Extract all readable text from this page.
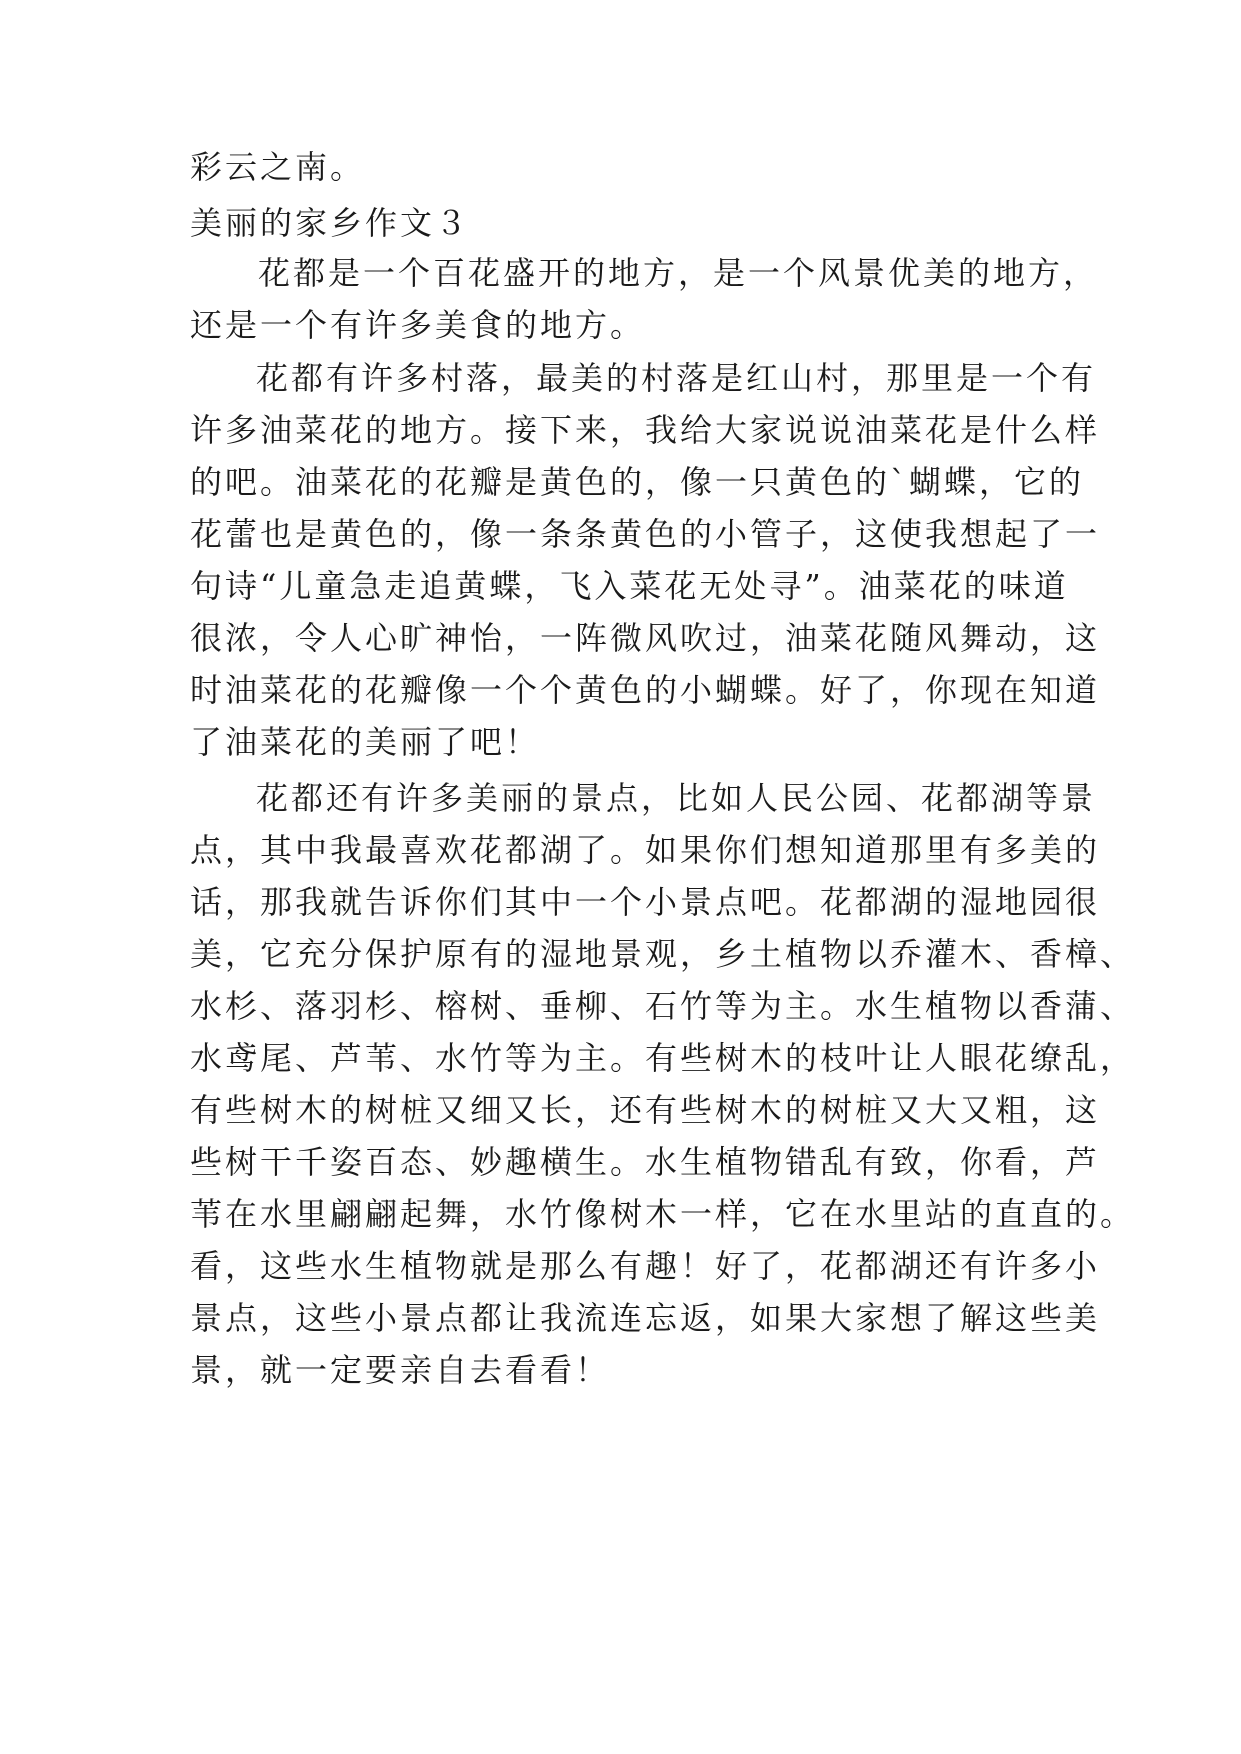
彩云之南。
美丽的家乡作文３
花都是一个百花盛开的地方，是一个风景优美的地方，
还是一个有许多美食的地方。
花都有许多村落，最美的村落是红山村，那里是一个有
许多油菜花的地方。接下来，我给大家说说油菜花是什么样
的吧。油菜花的花瓣是黄色的，像一只黄色的`蝴蝶，它的
花蕾也是黄色的，像一条条黄色的小管子，这使我想起了一
句诗“儿童急走追黄蝶，飞入菜花无处寻”。油菜花的味道
很浓，令人心旷神怡，一阵微风吹过，油菜花随风舞动，这
时油菜花的花瓣像一个个黄色的小蝴蝶。好了，你现在知道
了油菜花的美丽了吧！
花都还有许多美丽的景点，比如人民公园、花都湖等景
点，其中我最喜欢花都湖了。如果你们想知道那里有多美的
话，那我就告诉你们其中一个小景点吧。花都湖的湿地园很
美，它充分保护原有的湿地景观，乡土植物以乔灌木、香樟、
水杉、落羽杉、榕树、垂柳、石竹等为主。水生植物以香蒲、
水鸢尾、芦苇、水竹等为主。有些树木的枝叶让人眼花缭乱，
有些树木的树桩又细又长，还有些树木的树桩又大又粗，这
些树干千姿百态、妙趣横生。水生植物错乱有致，你看，芦
苇在水里翩翩起舞，水竹像树木一样，它在水里站的直直的。
看，这些水生植物就是那么有趣！好了，花都湖还有许多小
景点，这些小景点都让我流连忘返，如果大家想了解这些美
景，就一定要亲自去看看！
